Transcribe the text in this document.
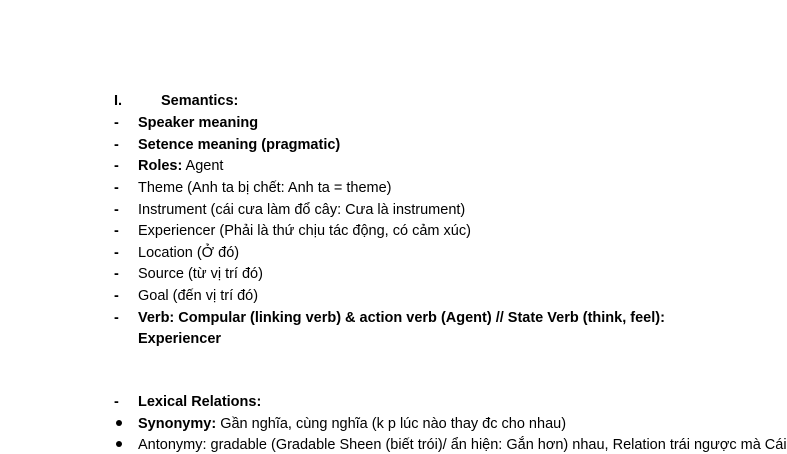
I.	Semantics:
-	Speaker meaning
-	Setence meaning (pragmatic)
-	Roles: Agent
-	Theme (Anh ta bị chết: Anh ta = theme)
-	Instrument (cái cưa làm đổ cây: Cưa là instrument)
-	Experiencer (Phải là thứ chịu tác động, có cảm xúc)
-	Location (Ở đó)
-	Source (từ vị trí đó)
-	Goal (đến vị trí đó)
-	Verb: Compular (linking verb) & action verb (Agent) // State Verb (think, feel):
Experiencer
-	Lexical Relations:
Synonymy: Gần nghĩa, cùng nghĩa (k p lúc nào thay đc cho nhau)
Antonymy: gradable (Gradable Sheen (biết trói)/ ẩn hiện: Gắn hơn) nhau, Relation trái ngược mà Cái
